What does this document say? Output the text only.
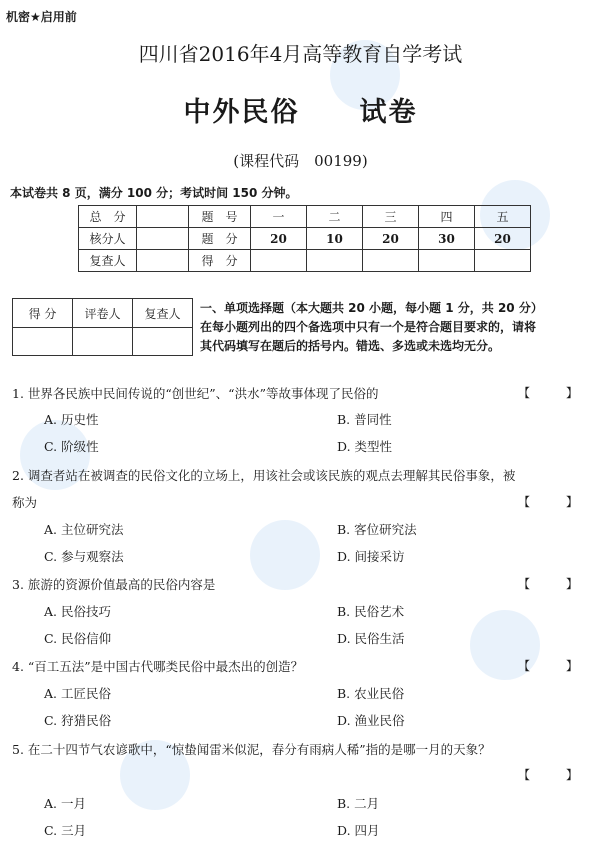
机密★启用前
四川省2016年4月高等教育自学考试
中外民俗 试卷
(课程代码　00199)
本试卷共 8 页，满分 100 分；考试时间 150 分钟。
总　分		题　号	一	二	三	四	五
核分人		题　分	20	10	20	30	20
复查人		得　分					
得 分	评卷人	复查人
		一、单项选择题（本大题共 20 小题，每小题 1 分，共 20 分）
在每小题列出的四个备选项中只有一个是符合题目要求的，请将
其代码填写在题后的括号内。错选、多选或未选均无分。
1. 世界各民族中民间传说的“创世纪”、“洪水”等故事体现了民俗的	【　　　】
A. 历史性	B. 普同性
C. 阶级性	D. 类型性
2. 调查者站在被调查的民俗文化的立场上，用该社会或该民族的观点去理解其民俗事象，被
称为	【　　　】
A. 主位研究法	B. 客位研究法
C. 参与观察法	D. 间接采访
3. 旅游的资源价值最高的民俗内容是	【　　　】
A. 民俗技巧	B. 民俗艺术
C. 民俗信仰	D. 民俗生活
4. “百工五法”是中国古代哪类民俗中最杰出的创造？	【　　　】
A. 工匠民俗	B. 农业民俗
C. 狩猎民俗	D. 渔业民俗
5. 在二十四节气农谚歌中，“惊蛰闻雷米似泥，春分有雨病人稀”指的是哪一月的天象？
【　　　】
A. 一月	B. 二月
C. 三月	D. 四月
